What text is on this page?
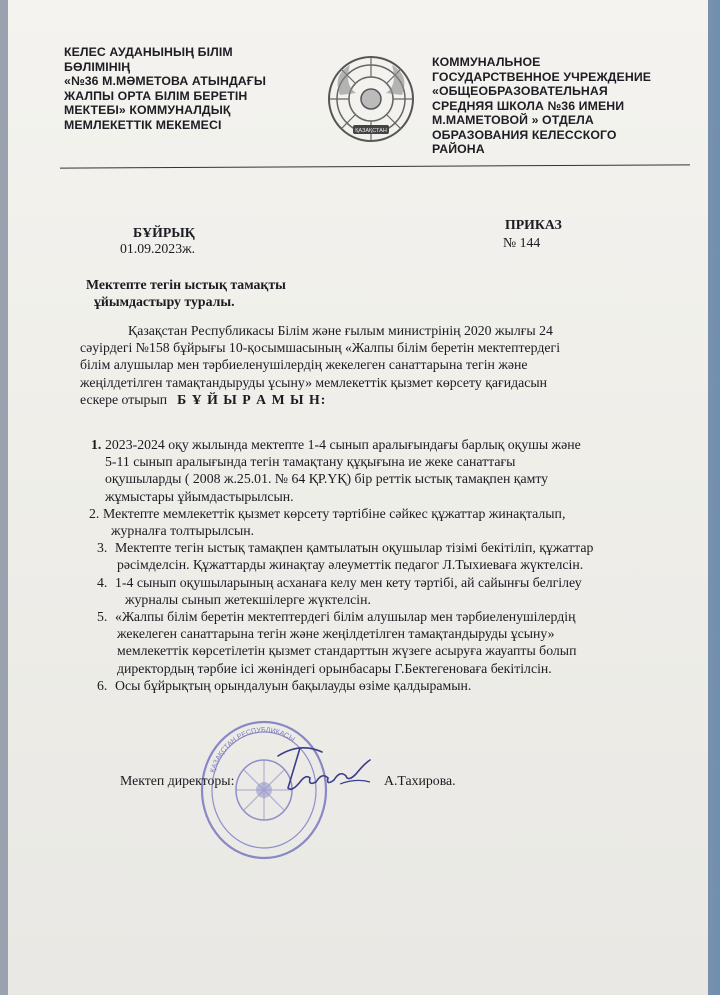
КЕЛЕС АУДАНЫНЫҢ БІЛІМ
БӨЛІМІНІҢ
«№36 М.МӘМЕТОВА АТЫНДАҒЫ
ЖАЛПЫ ОРТА БІЛІМ БЕРЕТІН
МЕКТЕБІ» КОММУНАЛДЫҚ
МЕМЛЕКЕТТІК МЕКЕМЕСІ	ҚАЗАҚСТАН
КОММУНАЛЬНОЕ
ГОСУДАРСТВЕННОЕ УЧРЕЖДЕНИЕ
«ОБЩЕОБРАЗОВАТЕЛЬНАЯ
СРЕДНЯЯ ШКОЛА №36 ИМЕНИ
М.МАМЕТОВОЙ » ОТДЕЛА
ОБРАЗОВАНИЯ КЕЛЕССКОГО
РАЙОНА
БҰЙРЫҚ
01.09.2023ж.
ПРИКАЗ
№ 144
Мектепте тегін ыстық тамақты
ұйымдастыру туралы.
Қазақстан Республикасы Білім және ғылым министрінің 2020 жылғы 24
сәуірдегі №158 бұйрығы 10-қосымшасының «Жалпы білім беретін мектептердегі
білім алушылар мен тәрбиеленушілердің жекелеген санаттарына тегін және
жеңілдетілген тамақтандыруды ұсыну» мемлекеттік қызмет көрсету қағидасын
ескере отырып Б Ұ Й Ы Р А М Ы Н:
1. 2023-2024 оқу жылында мектепте 1-4 сынып аралығындағы барлық оқушы және
5-11 сынып аралығында тегін тамақтану құқығына ие жеке санаттағы
оқушыларды ( 2008 ж.25.01. № 64 ҚР.ҮҚ) бір реттік ыстық тамақпен қамту
жұмыстары ұйымдастырылсын.
2. Мектепте мемлекеттік қызмет көрсету тәртібіне сәйкес құжаттар жинақталып,
журналға толтырылсын.
3. Мектепте тегін ыстық тамақпен қамтылатын оқушылар тізімі бекітіліп, құжаттар
рәсімделсін. Құжаттарды жинақтау әлеуметтік педагог Л.Тыхиеваға жүктелсін.
4. 1-4 сынып оқушыларының асханаға келу мен кету тәртібі, ай сайынғы белгілеу
журналы сынып жетекшілерге жүктелсін.
5. «Жалпы білім беретін мектептердегі білім алушылар мен тәрбиеленушілердің
жекелеген санаттарына тегін және жеңілдетілген тамақтандыруды ұсыну»
мемлекеттік көрсетілетін қызмет стандарттын жүзеге асыруға жауапты болып
директордың тәрбие ісі жөніндегі орынбасары Г.Бектегеноваға бекітілсін.
6. Осы бұйрықтың орындалуын бақылауды өзіме қалдырамын.
ҚАЗАҚСТАН РЕСПУБЛИКАСЫ
Мектеп директоры:	А.Тахирова.
